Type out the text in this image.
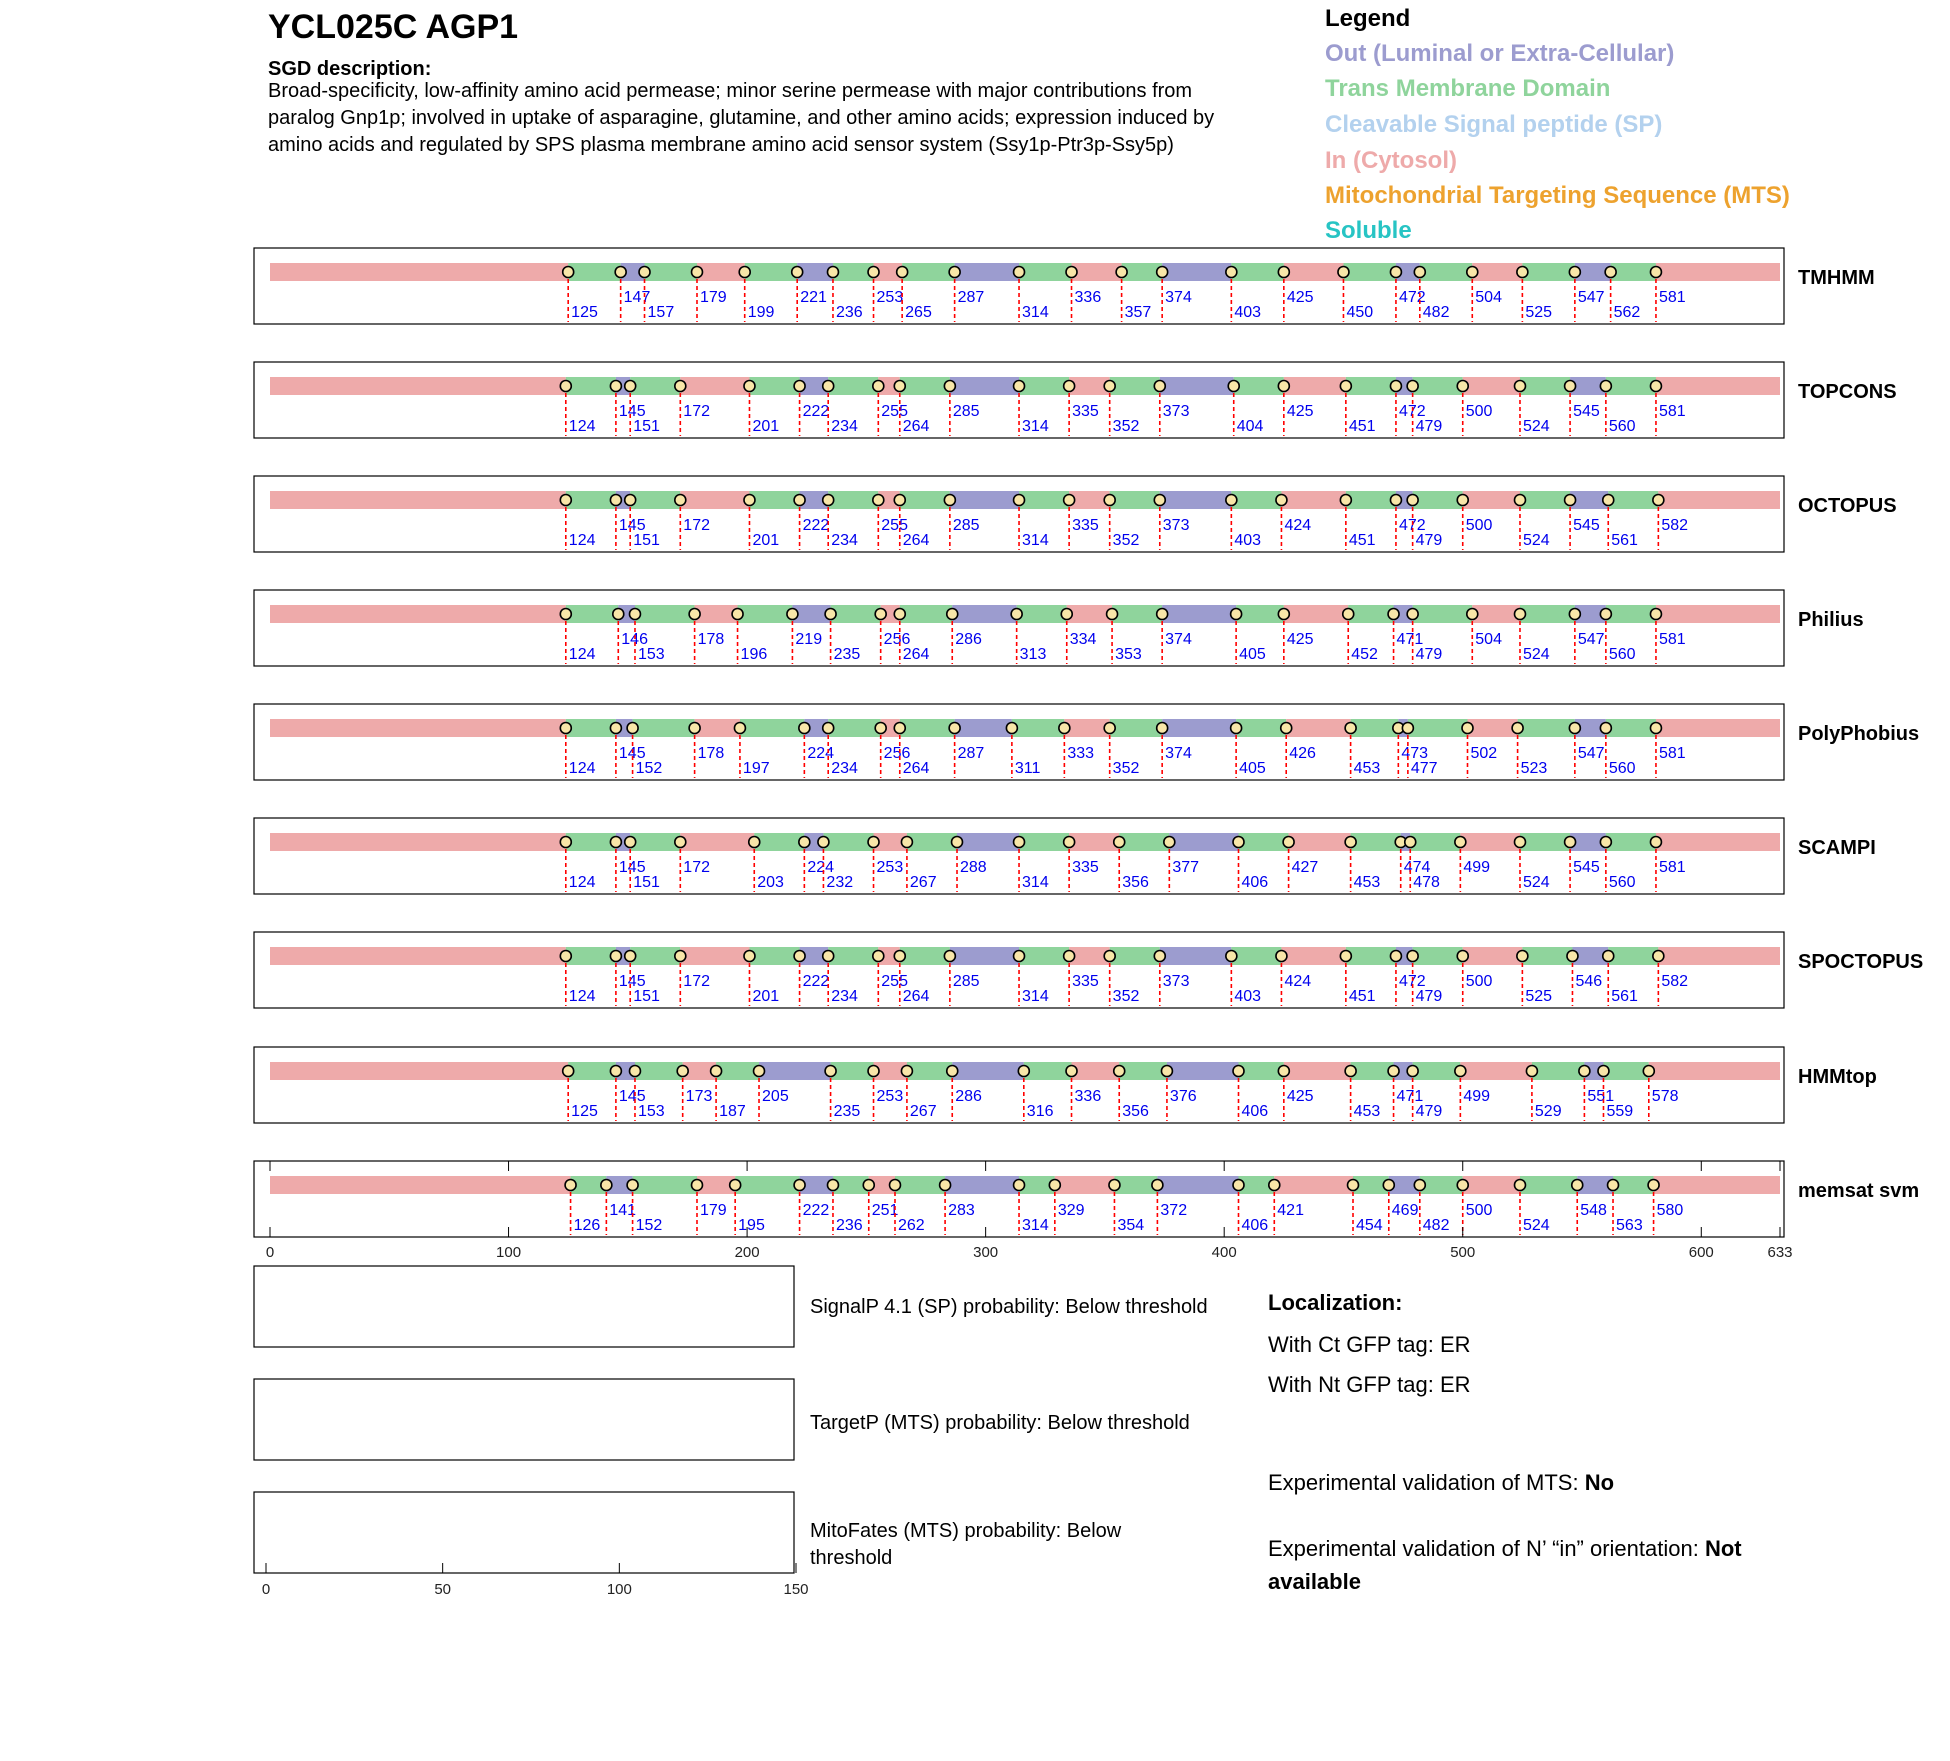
YCL025C AGP1
SGD description:
Broad-specificity, low-affinity amino acid permease; minor serine permease with major contributions from
paralog Gnp1p; involved in uptake of asparagine, glutamine, and other amino acids; expression induced by
amino acids and regulated by SPS plasma membrane amino acid sensor system (Ssy1p-Ptr3p-Ssy5p)
Legend
Out (Luminal or Extra-Cellular)
Trans Membrane Domain
Cleavable Signal peptide (SP)
In (Cytosol)
Mitochondrial Targeting Sequence (MTS)
Soluble
TMHMM
125
147
157
179
199
221
236
253
265
287
314
336
357
374
403
425
450
472
482
504
525
547
562
581
TOPCONS
124
145
151
172
201
222
234
255
264
285
314
335
352
373
404
425
451
472
479
500
524
545
560
581
OCTOPUS
124
145
151
172
201
222
234
255
264
285
314
335
352
373
403
424
451
472
479
500
524
545
561
582
Philius
124
146
153
178
196
219
235
256
264
286
313
334
353
374
405
425
452
471
479
504
524
547
560
581
PolyPhobius
124
145
152
178
197
224
234
256
264
287
311
333
352
374
405
426
453
473
477
502
523
547
560
581
SCAMPI
124
145
151
172
203
224
232
253
267
288
314
335
356
377
406
427
453
474
478
499
524
545
560
581
SPOCTOPUS
124
145
151
172
201
222
234
255
264
285
314
335
352
373
403
424
451
472
479
500
525
546
561
582
HMMtop
125
145
153
173
187
205
235
253
267
286
316
336
356
376
406
425
453
471
479
499
529
551
559
578
memsat svm
126
141
152
179
195
222
236
251
262
283
314
329
354
372
406
421
454
469
482
500
524
548
563
580
0	100	200	300	400	500	600	633
SignalP 4.1 (SP) probability: Below threshold
TargetP (MTS) probability: Below threshold
MitoFates (MTS) probability: Below
threshold
0	50	100	150
Localization:
With Ct GFP tag: ER
With Nt GFP tag: ER
Experimental validation of MTS: No
Experimental validation of N’ “in” orientation: Not
available
